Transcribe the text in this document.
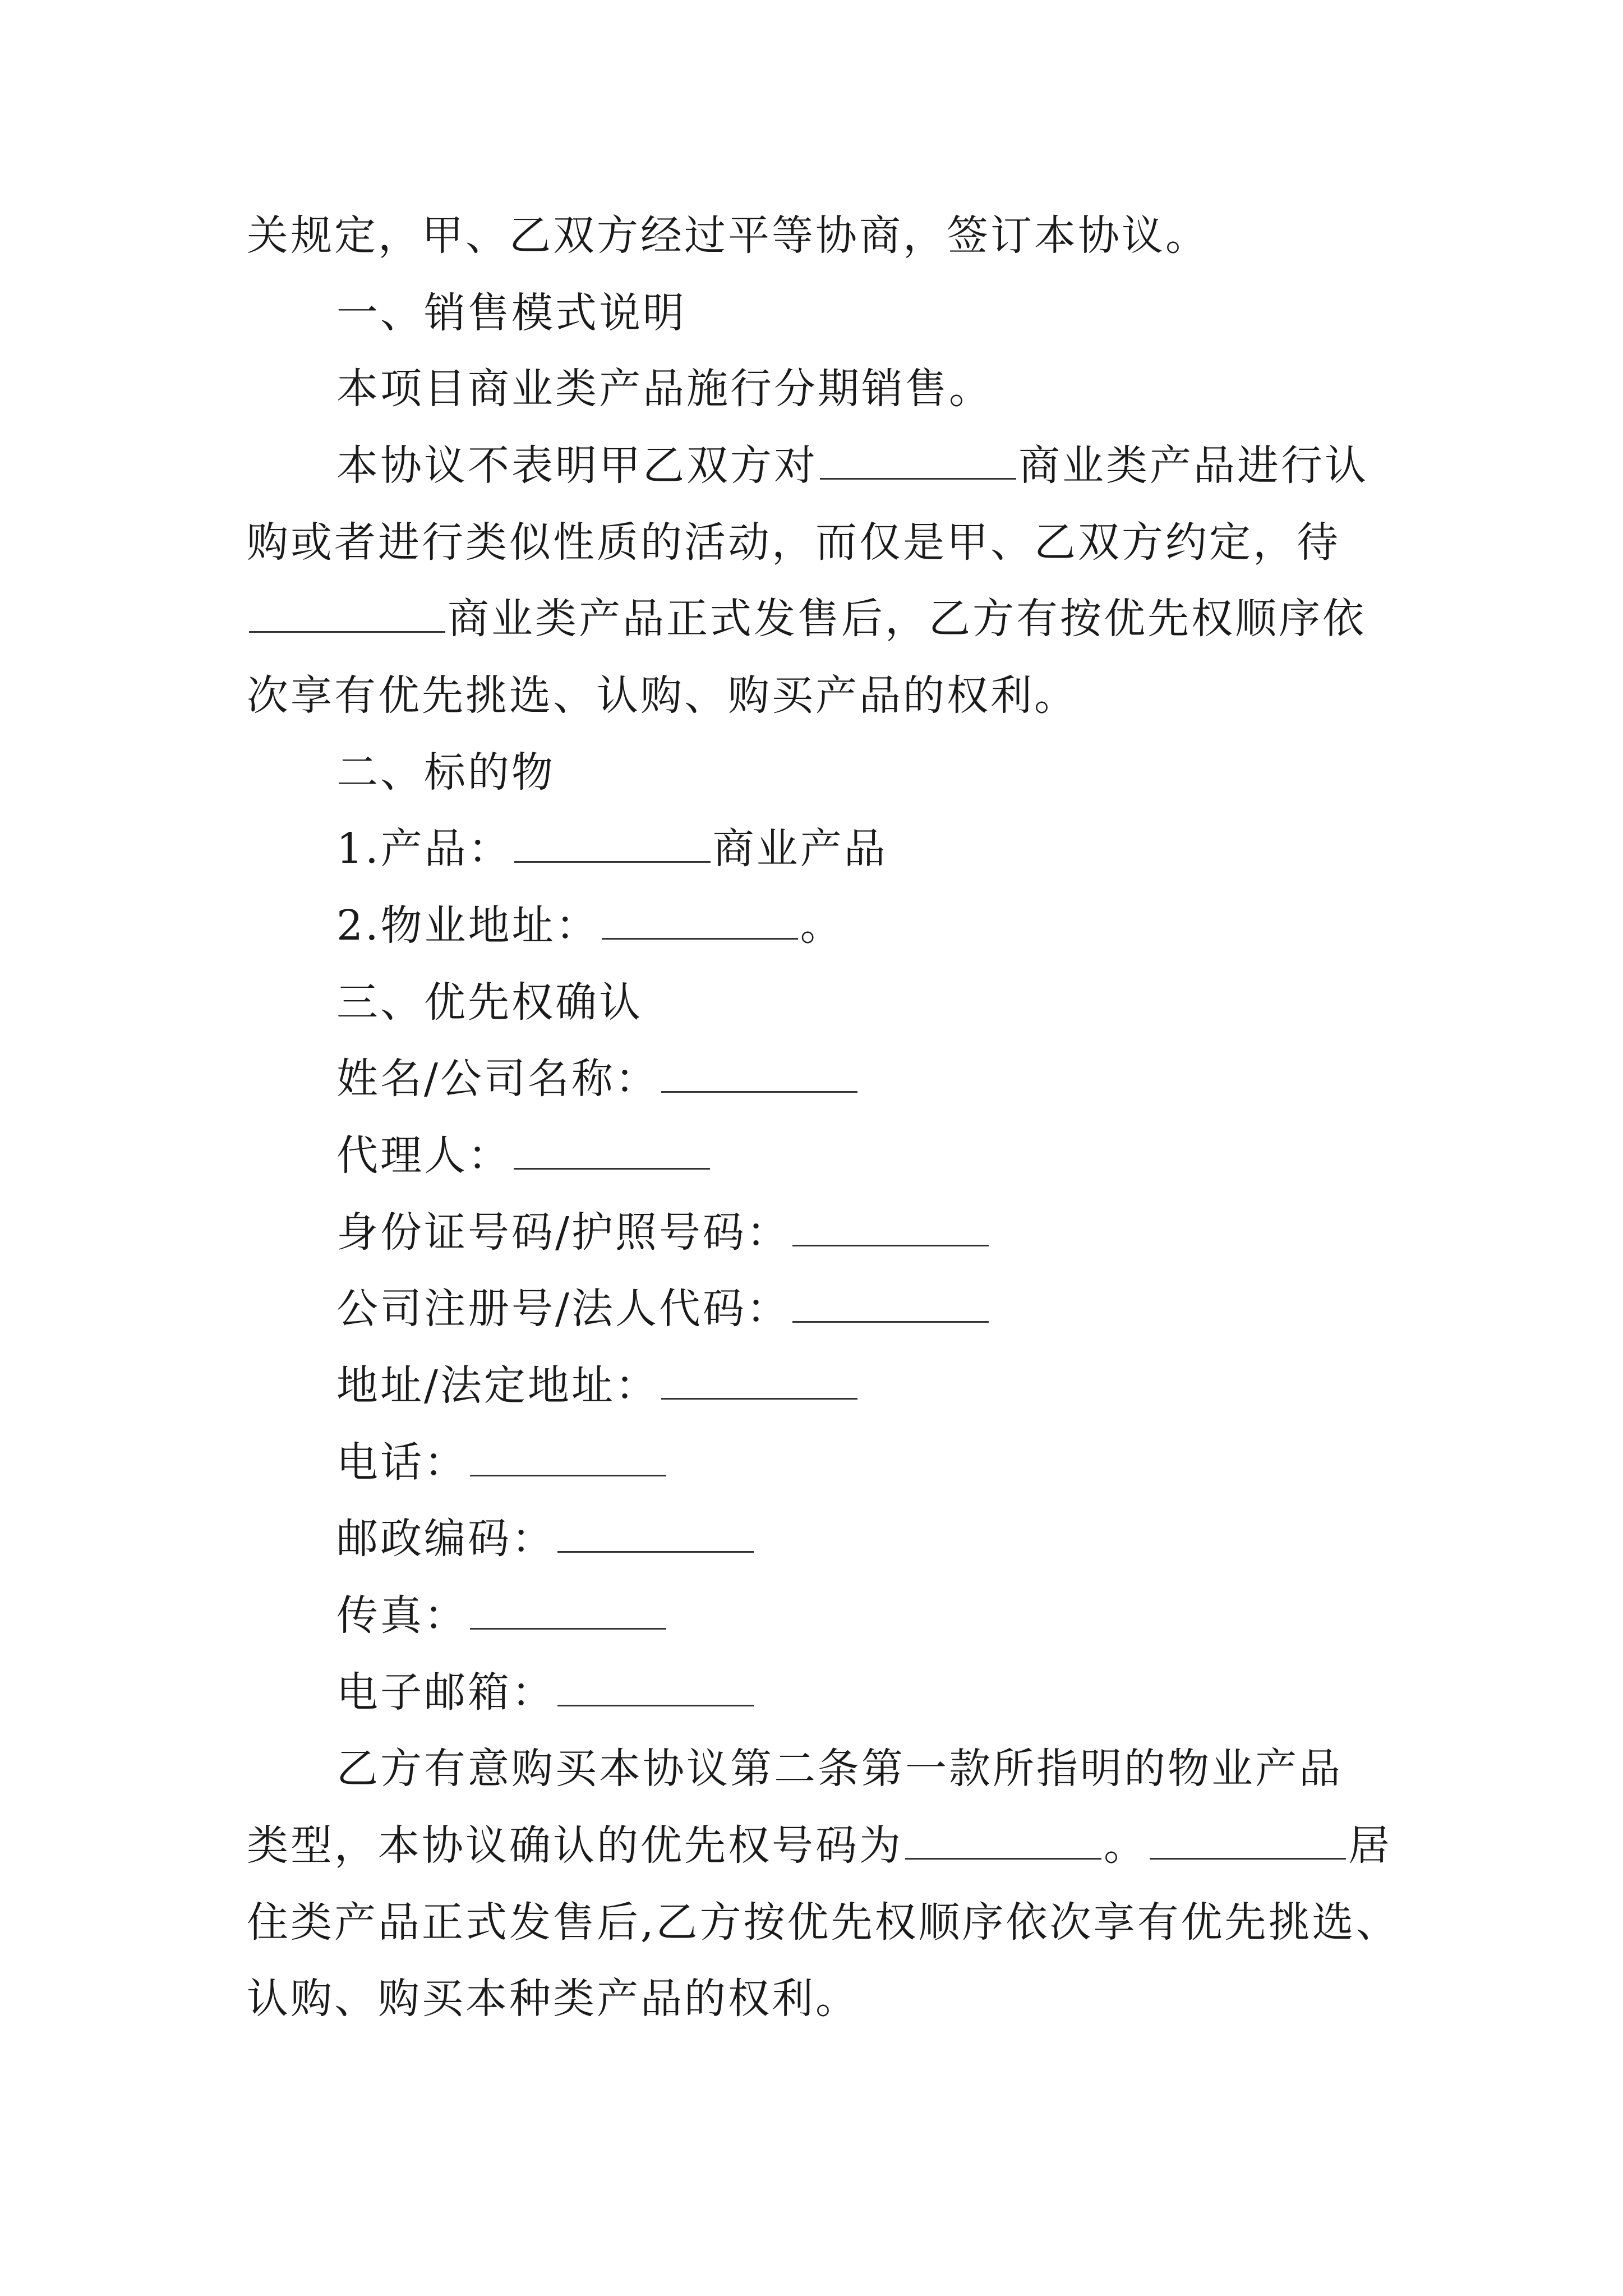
关规定，甲、乙双方经过平等协商，签订本协议。
一、销售模式说明
本项目商业类产品施行分期销售。
本协议不表明甲乙双方对	商业类产品进行认
购或者进行类似性质的活动，而仅是甲、乙双方约定，待
商业类产品正式发售后，乙方有按优先权顺序依
次享有优先挑选、认购、购买产品的权利。
二、标的物
1.产品：	商业产品
2.物业地址：	。
三、优先权确认
姓名/公司名称：
代理人：
身份证号码/护照号码：
公司注册号/法人代码：
地址/法定地址：
电话：
邮政编码：
传真：
电子邮箱：
乙方有意购买本协议第二条第一款所指明的物业产品
类型，本协议确认的优先权号码为	。	居
住类产品正式发售后,乙方按优先权顺序依次享有优先挑选、
认购、购买本种类产品的权利。
